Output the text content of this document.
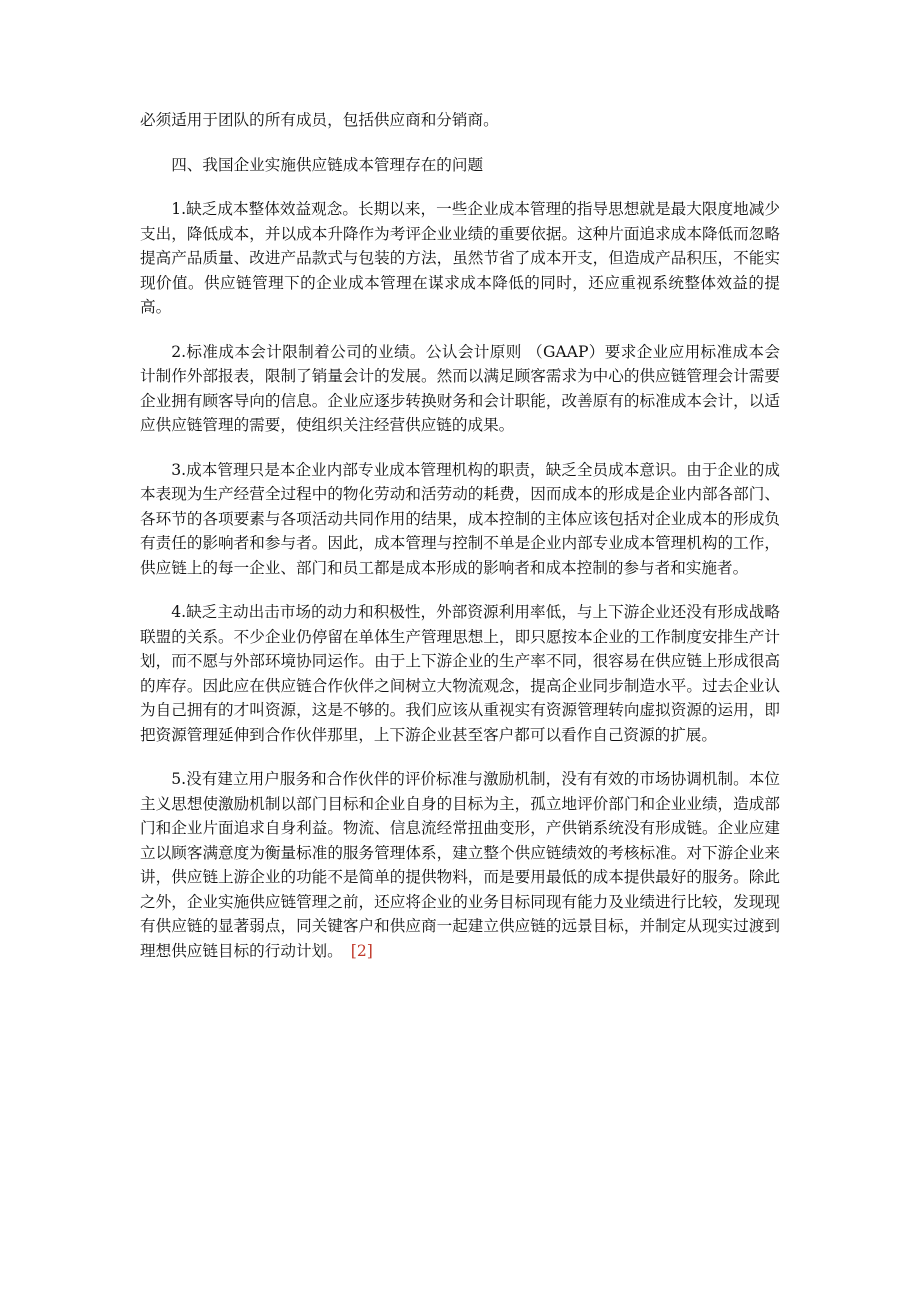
必须适用于团队的所有成员，包括供应商和分销商。

四、我国企业实施供应链成本管理存在的问题

1.缺乏成本整体效益观念。长期以来，一些企业成本管理的指导思想就是最大限度地减少支出，降低成本，并以成本升降作为考评企业业绩的重要依据。这种片面追求成本降低而忽略提高产品质量、改进产品款式与包装的方法，虽然节省了成本开支，但造成产品积压，不能实现价值。供应链管理下的企业成本管理在谋求成本降低的同时，还应重视系统整体效益的提高。

2.标准成本会计限制着公司的业绩。公认会计原则 （GAAP）要求企业应用标准成本会计制作外部报表，限制了销量会计的发展。然而以满足顾客需求为中心的供应链管理会计需要企业拥有顾客导向的信息。企业应逐步转换财务和会计职能，改善原有的标准成本会计，以适应供应链管理的需要，使组织关注经营供应链的成果。

3.成本管理只是本企业内部专业成本管理机构的职责，缺乏全员成本意识。由于企业的成本表现为生产经营全过程中的物化劳动和活劳动的耗费，因而成本的形成是企业内部各部门、各环节的各项要素与各项活动共同作用的结果，成本控制的主体应该包括对企业成本的形成负有责任的影响者和参与者。因此，成本管理与控制不单是企业内部专业成本管理机构的工作，供应链上的每一企业、部门和员工都是成本形成的影响者和成本控制的参与者和实施者。

4.缺乏主动出击市场的动力和积极性，外部资源利用率低，与上下游企业还没有形成战略联盟的关系。不少企业仍停留在单体生产管理思想上，即只愿按本企业的工作制度安排生产计划，而不愿与外部环境协同运作。由于上下游企业的生产率不同，很容易在供应链上形成很高的库存。因此应在供应链合作伙伴之间树立大物流观念，提高企业同步制造水平。过去企业认为自己拥有的才叫资源，这是不够的。我们应该从重视实有资源管理转向虚拟资源的运用，即把资源管理延伸到合作伙伴那里，上下游企业甚至客户都可以看作自己资源的扩展。

5.没有建立用户服务和合作伙伴的评价标准与激励机制，没有有效的市场协调机制。本位主义思想使激励机制以部门目标和企业自身的目标为主，孤立地评价部门和企业业绩，造成部门和企业片面追求自身利益。物流、信息流经常扭曲变形，产供销系统没有形成链。企业应建立以顾客满意度为衡量标准的服务管理体系，建立整个供应链绩效的考核标准。对下游企业来讲，供应链上游企业的功能不是简单的提供物料，而是要用最低的成本提供最好的服务。除此之外，企业实施供应链管理之前，还应将企业的业务目标同现有能力及业绩进行比较，发现现有供应链的显著弱点，同关键客户和供应商一起建立供应链的远景目标，并制定从现实过渡到理想供应链目标的行动计划。 [2]
